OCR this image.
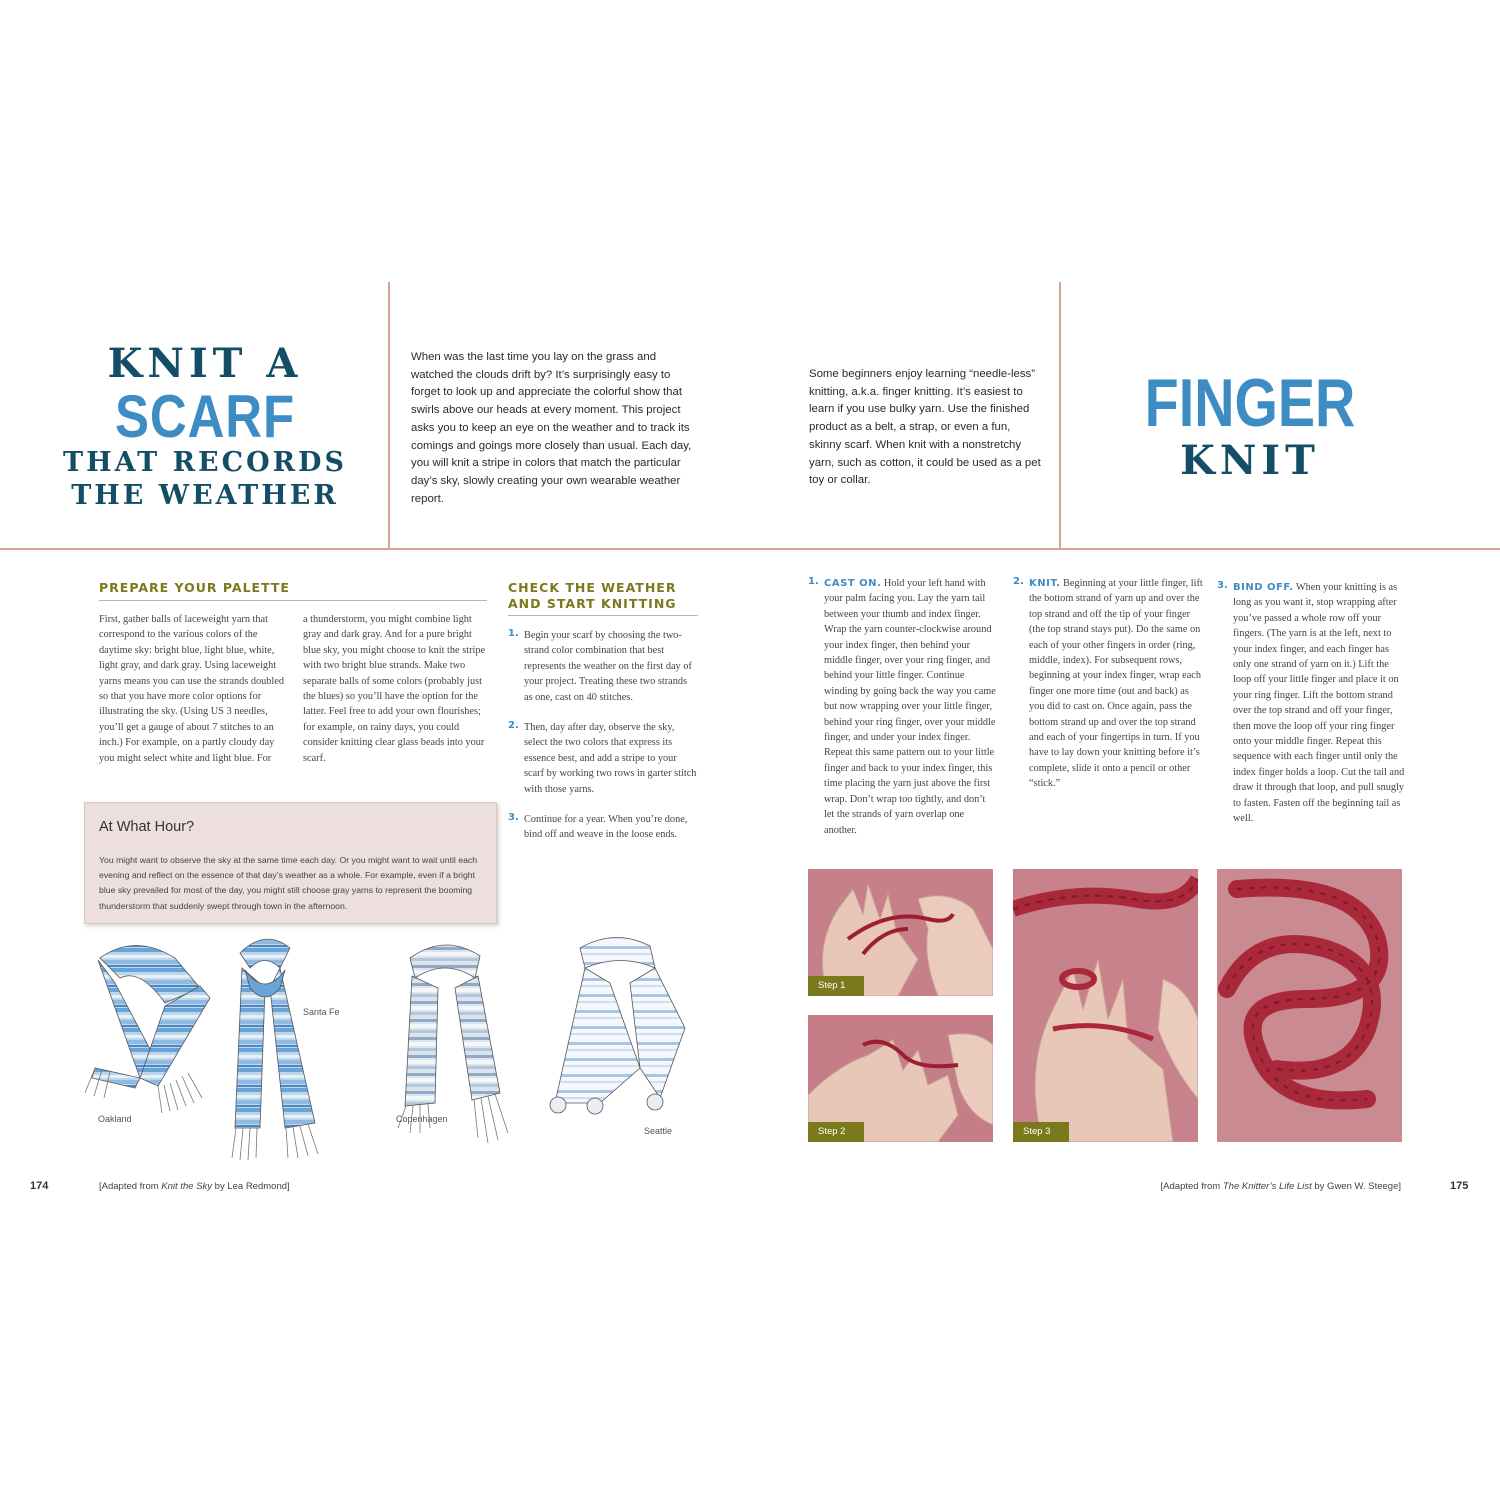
KNIT A
SCARF
THAT RECORDS
THE WEATHER
When was the last time you lay on the grass and watched the clouds drift by? It’s surprisingly easy to forget to look up and appreciate the colorful show that swirls above our heads at every moment. This project asks you to keep an eye on the weather and to track its comings and goings more closely than usual. Each day, you will knit a stripe in colors that match the particular day’s sky, slowly creating your own wearable weather report.
Some beginners enjoy learning “needle-less” knitting, a.k.a. finger knitting. It’s easiest to learn if you use bulky yarn. Use the finished product as a belt, a strap, or even a fun, skinny scarf. When knit with a nonstretchy yarn, such as cotton, it could be used as a pet toy or collar.
FINGER
KNIT
PREPARE YOUR PALETTE
First, gather balls of laceweight yarn that correspond to the various colors of the daytime sky: bright blue, light blue, white, light gray, and dark gray. Using laceweight yarns means you can use the strands doubled so that you have more color options for illustrating the sky. (Using US 3 needles, you’ll get a gauge of about 7 stitches to an inch.) For example, on a partly cloudy day you might select white and light blue. For
a thunderstorm, you might combine light gray and dark gray. And for a pure bright blue sky, you might choose to knit the stripe with two bright blue strands. Make two separate balls of some colors (probably just the blues) so you’ll have the option for the latter. Feel free to add your own flourishes; for example, on rainy days, you could consider knitting clear glass beads into your scarf.
CHECK THE WEATHER
AND START KNITTING
1. Begin your scarf by choosing the two-strand color combination that best represents the weather on the first day of your project. Treating these two strands as one, cast on 40 stitches.
2. Then, day after day, observe the sky, select the two colors that express its essence best, and add a stripe to your scarf by working two rows in garter stitch with those yarns.
3. Continue for a year. When you’re done, bind off and weave in the loose ends.
At What Hour?
You might want to observe the sky at the same time each day. Or you might want to wait until each evening and reflect on the essence of that day’s weather as a whole. For example, even if a bright blue sky prevailed for most of the day, you might still choose gray yarns to represent the booming thunderstorm that suddenly swept through town in the afternoon.
Santa Fe
Oakland	Copenhagen
Seattle
1. CAST ON. Hold your left hand with your palm facing you. Lay the yarn tail between your thumb and index finger. Wrap the yarn counter-clockwise around your index finger, then behind your middle finger, over your ring finger, and behind your little finger. Continue winding by going back the way you came but now wrapping over your little finger, behind your ring finger, over your middle finger, and under your index finger. Repeat this same pattern out to your little finger and back to your index finger, this time placing the yarn just above the first wrap. Don’t wrap too tightly, and don’t let the strands of yarn overlap one another.
2. KNIT. Beginning at your little finger, lift the bottom strand of yarn up and over the top strand and off the tip of your finger (the top strand stays put). Do the same on each of your other fingers in order (ring, middle, index). For subsequent rows, beginning at your index finger, wrap each finger one more time (out and back) as you did to cast on. Once again, pass the bottom strand up and over the top strand and each of your fingertips in turn. If you have to lay down your knitting before it’s complete, slide it onto a pencil or other “stick.”
3. BIND OFF. When your knitting is as long as you want it, stop wrapping after you’ve passed a whole row off your fingers. (The yarn is at the left, next to your index finger, and each finger has only one strand of yarn on it.) Lift the loop off your little finger and place it on your ring finger. Lift the bottom strand over the top strand and off your finger, then move the loop off your ring finger onto your middle finger. Repeat this sequence with each finger until only the index finger holds a loop. Cut the tail and draw it through that loop, and pull snugly to fasten. Fasten off the beginning tail as well.
Step 1
Step 2	Step 3
174	[Adapted from Knit the Sky by Lea Redmond]	[Adapted from The Knitter’s Life List by Gwen W. Steege]	175
